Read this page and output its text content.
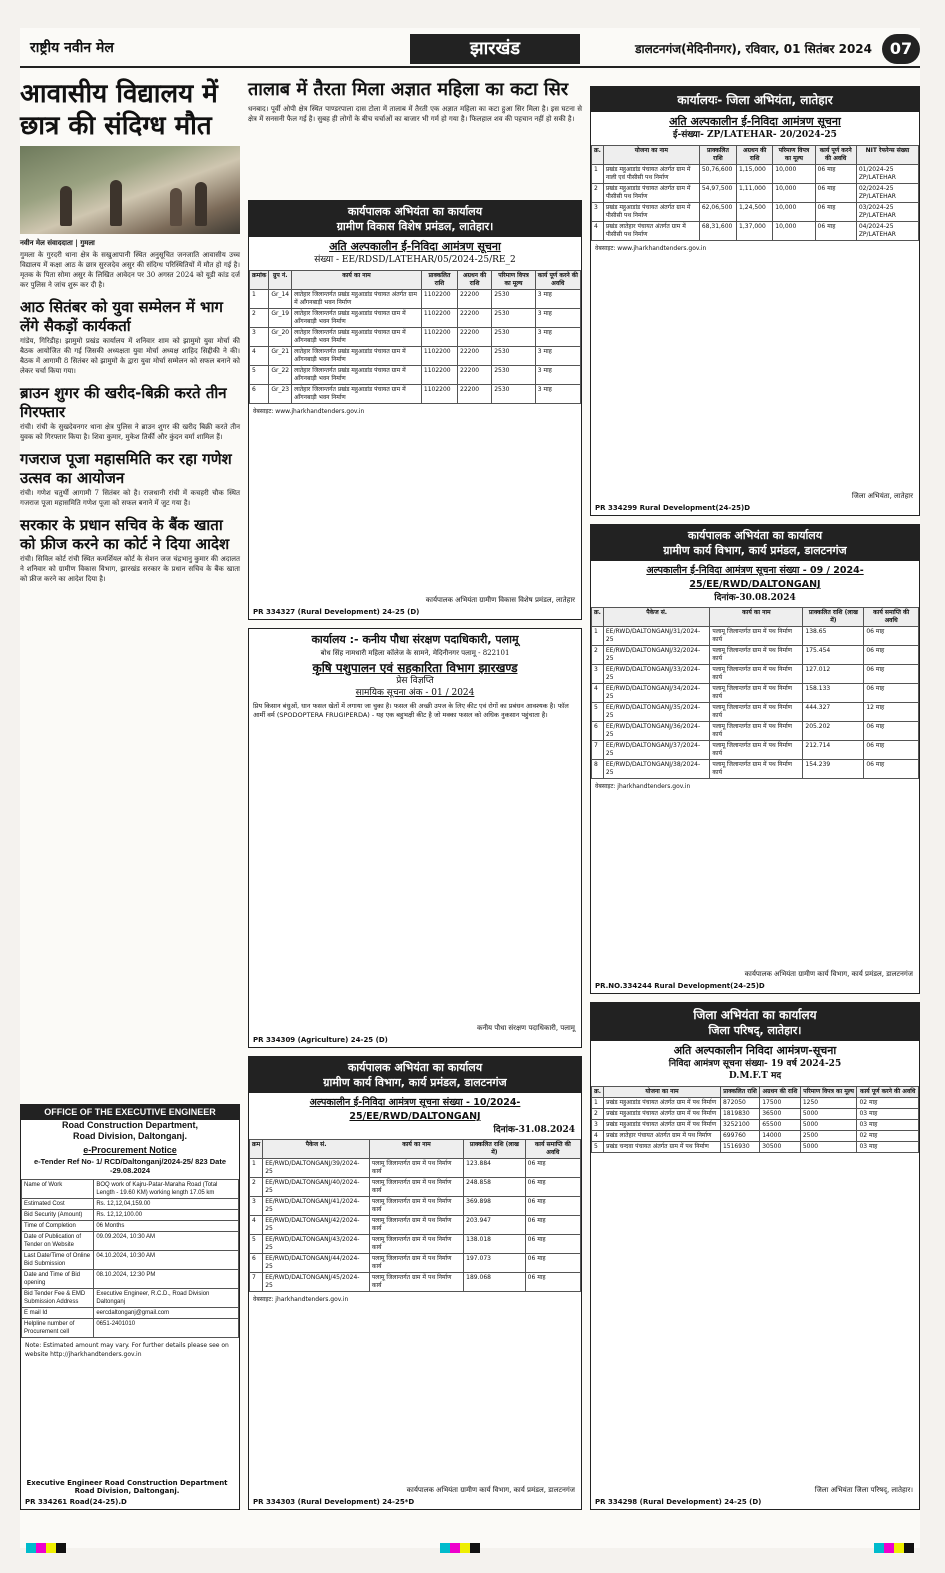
राष्ट्रीय नवीन मेल	झारखंड	डालटनगंज(मेदिनीनगर), रविवार, 01 सितंबर 2024	07
आवासीय विद्यालय में छात्र की संदिग्ध मौत
नवीन मेल संवाददाता | गुमला
गुमला के गुरदरी थाना क्षेत्र के सखुआपानी स्थित अनुसूचित जनजाति आवासीय उच्च विद्यालय में कक्षा आठ के छात्र सुरजदेव असुर की संदिग्ध परिस्थितियों में मौत हो गई है। मृतक के पिता सोमा असुर के लिखित आवेदन पर 30 अगस्त 2024 को यूडी कांड दर्ज कर पुलिस ने जांच शुरू कर दी है।
आठ सितंबर को युवा सम्मेलन में भाग लेंगे सैकड़ों कार्यकर्ता
गांडेय, गिरिडीह। झामुमो प्रखंड कार्यालय में शनिवार शाम को झामुमो युवा मोर्चा की बैठक आयोजित की गई जिसकी अध्यक्षता युवा मोर्चा अध्यक्ष शाहिद सिद्दीकी ने की। बैठक में आगामी 8 सितंबर को झामुमो के द्वारा युवा मोर्चा सम्मेलन को सफल बनाने को लेकर चर्चा किया गया।
ब्राउन शुगर की खरीद-बिक्री करते तीन गिरफ्तार
रांची। रांची के सुखदेवनगर थाना क्षेत्र पुलिस ने ब्राउन शुगर की खरीद बिक्री करते तीन युवक को गिरफ्तार किया है। शिवा कुमार, मुकेश तिर्की और कुंदन वर्मा शामिल हैं।
गजराज पूजा महासमिति कर रहा गणेश उत्सव का आयोजन
रांची। गणेश चतुर्थी आगामी 7 सितंबर को है। राजधानी रांची में कचहरी चौक स्थित गजराज पूजा महासमिति गणेश पूजा को सफल बनाने में जुट गया है।
सरकार के प्रधान सचिव के बैंक खाता को फ्रीज करने का कोर्ट ने दिया आदेश
रांची। सिविल कोर्ट रांची स्थित कमर्शियल कोर्ट के सेशन जज चंद्रभानु कुमार की अदालत ने शनिवार को ग्रामीण विकास विभाग, झारखंड सरकार के प्रधान सचिव के बैंक खाता को फ्रीज करने का आदेश दिया है।
OFFICE OF THE EXECUTIVE ENGINEER
Road Construction Department,
Road Division, Daltonganj.
e-Procurement Notice
e-Tender Ref No- 1/ RCD/Daltonganj/2024-25/ 823 Date -29.08.2024
Name of Work	BOQ work of Kajru-Patar-Maraha Road (Total Length - 19.60 KM) working length 17.05 km
Estimated Cost	Rs. 12,12,04,159.00
Bid Security (Amount)	Rs. 12,12,100.00
Time of Completion	06 Months
Date of Publication of Tender on Website	09.09.2024, 10:30 AM
Last Date/Time of Online Bid Submission	04.10.2024, 10:30 AM
Date and Time of Bid opening	08.10.2024, 12:30 PM
Bid Tender Fee & EMD Submission Address	Executive Engineer, R.C.D., Road Division Daltonganj
E mail Id	eercdaltonganj@gmail.com
Helpline number of Procurement cell	0651-2401010
Note: Estimated amount may vary. For further details please see on website http://jharkhandtenders.gov.in
Executive Engineer Road Construction Department Road Division, Daltonganj.
PR 334261 Road(24-25).D
तालाब में तैरता मिला अज्ञात महिला का कटा सिर
धनबाद। पूर्वी ओपी क्षेत्र स्थित पाण्डरपाला दास टोला में तालाब में तैरती एक अज्ञात महिला का कटा हुआ सिर मिला है। इस घटना से क्षेत्र में सनसनी फैल गई है। सुबह ही लोगों के बीच चर्चाओं का बाजार भी गर्म हो गया है। फिलहाल शव की पहचान नहीं हो सकी है।
कार्यपालक अभियंता का कार्यालय
ग्रामीण विकास विशेष प्रमंडल, लातेहार।
अति अल्पकालीन ई-निविदा आमंत्रण सूचना
संख्या - EE/RDSD/LATEHAR/05/2024-25/RE_2
क्रमांक	ग्रुप नं.	कार्य का नाम	प्राक्कलित राशि	अग्रधन की राशि	परिमाण विपत्र का मूल्य	कार्य पूर्ण करने की अवधि
1	Gr_14	लातेहार जिलान्तर्गत प्रखंड महुआडांड पंचायत अंतर्गत ग्राम में आँगनबाड़ी भवन निर्माण	1102200	22200	2530	3 माह
2	Gr_19	लातेहार जिलान्तर्गत प्रखंड महुआडांड पंचायत ग्राम में आँगनबाड़ी भवन निर्माण	1102200	22200	2530	3 माह
3	Gr_20	लातेहार जिलान्तर्गत प्रखंड महुआडांड पंचायत ग्राम में आँगनबाड़ी भवन निर्माण	1102200	22200	2530	3 माह
4	Gr_21	लातेहार जिलान्तर्गत प्रखंड महुआडांड पंचायत ग्राम में आँगनबाड़ी भवन निर्माण	1102200	22200	2530	3 माह
5	Gr_22	लातेहार जिलान्तर्गत प्रखंड महुआडांड पंचायत ग्राम में आँगनबाड़ी भवन निर्माण	1102200	22200	2530	3 माह
6	Gr_23	लातेहार जिलान्तर्गत प्रखंड महुआडांड पंचायत ग्राम में आँगनबाड़ी भवन निर्माण	1102200	22200	2530	3 माह
वेबसाइट: www.jharkhandtenders.gov.in
कार्यपालक अभियंता ग्रामीण विकास विशेष प्रमंडल, लातेहार
PR 334327 (Rural Development) 24-25 (D)
कार्यालय :- कनीय पौधा संरक्षण पदाधिकारी, पलामू
बोध सिंह नामधारी महिला कॉलेज के सामने, मेदिनीनगर पलामू - 822101
कृषि पशुपालन एवं सहकारिता विभाग झारखण्ड
प्रेस विज्ञप्ति
सामयिक सूचना अंक - 01 / 2024
प्रिय किसान बंधुओं, धान फसल खेतों में लगाया जा चुका है। फसल की अच्छी उपज के लिए कीट एवं रोगों का प्रबंधन आवश्यक है। फॉल आर्मी वर्म (SPODOPTERA FRUGIPERDA) - यह एक बहुभक्षी कीट है जो मक्का फसल को अधिक नुकसान पहुंचाता है।
कनीय पौधा संरक्षण पदाधिकारी, पलामू
PR 334309 (Agriculture) 24-25 (D)
कार्यपालक अभियंता का कार्यालय
ग्रामीण कार्य विभाग, कार्य प्रमंडल, डालटनगंज
अल्पकालीन ई-निविदा आमंत्रण सूचना संख्या - 10/2024-25/EE/RWD/DALTONGANJ
दिनांक-31.08.2024
क्रम	पैकेज सं.	कार्य का नाम	प्राक्कलित राशि (लाख में)	कार्य समाप्ति की अवधि
1	EE/RWD/DALTONGANJ/39/2024-25	पलामू जिलान्तर्गत ग्राम में पथ निर्माण कार्य	123.884	06 माह
2	EE/RWD/DALTONGANJ/40/2024-25	पलामू जिलान्तर्गत ग्राम में पथ निर्माण कार्य	248.858	06 माह
3	EE/RWD/DALTONGANJ/41/2024-25	पलामू जिलान्तर्गत ग्राम में पथ निर्माण कार्य	369.898	06 माह
4	EE/RWD/DALTONGANJ/42/2024-25	पलामू जिलान्तर्गत ग्राम में पथ निर्माण कार्य	203.947	06 माह
5	EE/RWD/DALTONGANJ/43/2024-25	पलामू जिलान्तर्गत ग्राम में पथ निर्माण कार्य	138.018	06 माह
6	EE/RWD/DALTONGANJ/44/2024-25	पलामू जिलान्तर्गत ग्राम में पथ निर्माण कार्य	197.073	06 माह
7	EE/RWD/DALTONGANJ/45/2024-25	पलामू जिलान्तर्गत ग्राम में पथ निर्माण कार्य	189.068	06 माह
वेबसाइट: jharkhandtenders.gov.in
कार्यपालक अभियंता ग्रामीण कार्य विभाग, कार्य प्रमंडल, डालटनगंज
PR 334303 (Rural Development) 24-25*D
कार्यालयः- जिला अभियंता, लातेहार
अति अल्पकालीन ई-निविदा आमंत्रण सूचना
ई-संख्या- ZP/LATEHAR- 20/2024-25
क्र.	योजना का नाम	प्राक्कलित राशि	अग्रधन की राशि	परिमाण विपत्र का मूल्य	कार्य पूर्ण करने की अवधि	NIT रेफरेन्स संख्या
1	प्रखंड महुआडांड पंचायत अंतर्गत ग्राम में नाली एवं पीसीसी पथ निर्माण	50,76,600	1,15,000	10,000	06 माह	01/2024-25 ZP/LATEHAR
2	प्रखंड महुआडांड पंचायत अंतर्गत ग्राम में पीसीसी पथ निर्माण	54,97,500	1,11,000	10,000	06 माह	02/2024-25 ZP/LATEHAR
3	प्रखंड महुआडांड पंचायत अंतर्गत ग्राम में पीसीसी पथ निर्माण	62,06,500	1,24,500	10,000	06 माह	03/2024-25 ZP/LATEHAR
4	प्रखंड लातेहार पंचायत अंतर्गत ग्राम में पीसीसी पथ निर्माण	68,31,600	1,37,000	10,000	06 माह	04/2024-25 ZP/LATEHAR
वेबसाइट: www.jharkhandtenders.gov.in
जिला अभियंता, लातेहार
PR 334299 Rural Development(24-25)D
कार्यपालक अभियंता का कार्यालय
ग्रामीण कार्य विभाग, कार्य प्रमंडल, डालटनगंज
अल्पकालीन ई-निविदा आमंत्रण सूचना संख्या - 09 / 2024-25/EE/RWD/DALTONGANJ
दिनांक-30.08.2024
क्र.	पैकेज सं.	कार्य का नाम	प्राक्कलित राशि (लाख में)	कार्य समाप्ति की अवधि
1	EE/RWD/DALTONGANJ/31/2024-25	पलामू जिलान्तर्गत ग्राम में पथ निर्माण कार्य	138.65	06 माह
2	EE/RWD/DALTONGANJ/32/2024-25	पलामू जिलान्तर्गत ग्राम में पथ निर्माण कार्य	175.454	06 माह
3	EE/RWD/DALTONGANJ/33/2024-25	पलामू जिलान्तर्गत ग्राम में पथ निर्माण कार्य	127.012	06 माह
4	EE/RWD/DALTONGANJ/34/2024-25	पलामू जिलान्तर्गत ग्राम में पथ निर्माण कार्य	158.133	06 माह
5	EE/RWD/DALTONGANJ/35/2024-25	पलामू जिलान्तर्गत ग्राम में पथ निर्माण कार्य	444.327	12 माह
6	EE/RWD/DALTONGANJ/36/2024-25	पलामू जिलान्तर्गत ग्राम में पथ निर्माण कार्य	205.202	06 माह
7	EE/RWD/DALTONGANJ/37/2024-25	पलामू जिलान्तर्गत ग्राम में पथ निर्माण कार्य	212.714	06 माह
8	EE/RWD/DALTONGANJ/38/2024-25	पलामू जिलान्तर्गत ग्राम में पथ निर्माण कार्य	154.239	06 माह
वेबसाइट: jharkhandtenders.gov.in
कार्यपालक अभियंता ग्रामीण कार्य विभाग, कार्य प्रमंडल, डालटनगंज
PR.NO.334244 Rural Development(24-25)D
जिला अभियंता का कार्यालय
जिला परिषद्, लातेहार।
अति अल्पकालीन निविदा आमंत्रण-सूचना
निविदा आमंत्रण सूचना संख्या- 19 वर्ष 2024-25
D.M.F.T मद
क्र.	योजना का नाम	प्राक्कलित राशि	अग्रधन की राशि	परिमाण विपत्र का मूल्य	कार्य पूर्ण करने की अवधि
1	प्रखंड महुआडांड पंचायत अंतर्गत ग्राम में पथ निर्माण	872050	17500	1250	02 माह
2	प्रखंड महुआडांड पंचायत अंतर्गत ग्राम में पथ निर्माण	1819830	36500	5000	03 माह
3	प्रखंड महुआडांड पंचायत अंतर्गत ग्राम में पथ निर्माण	3252100	65500	5000	03 माह
4	प्रखंड लातेहार पंचायत अंतर्गत ग्राम में पथ निर्माण	699760	14000	2500	02 माह
5	प्रखंड चन्दवा पंचायत अंतर्गत ग्राम में पथ निर्माण	1516930	30500	5000	03 माह
जिला अभियंता जिला परिषद्, लातेहार।
PR 334298 (Rural Development) 24-25 (D)
